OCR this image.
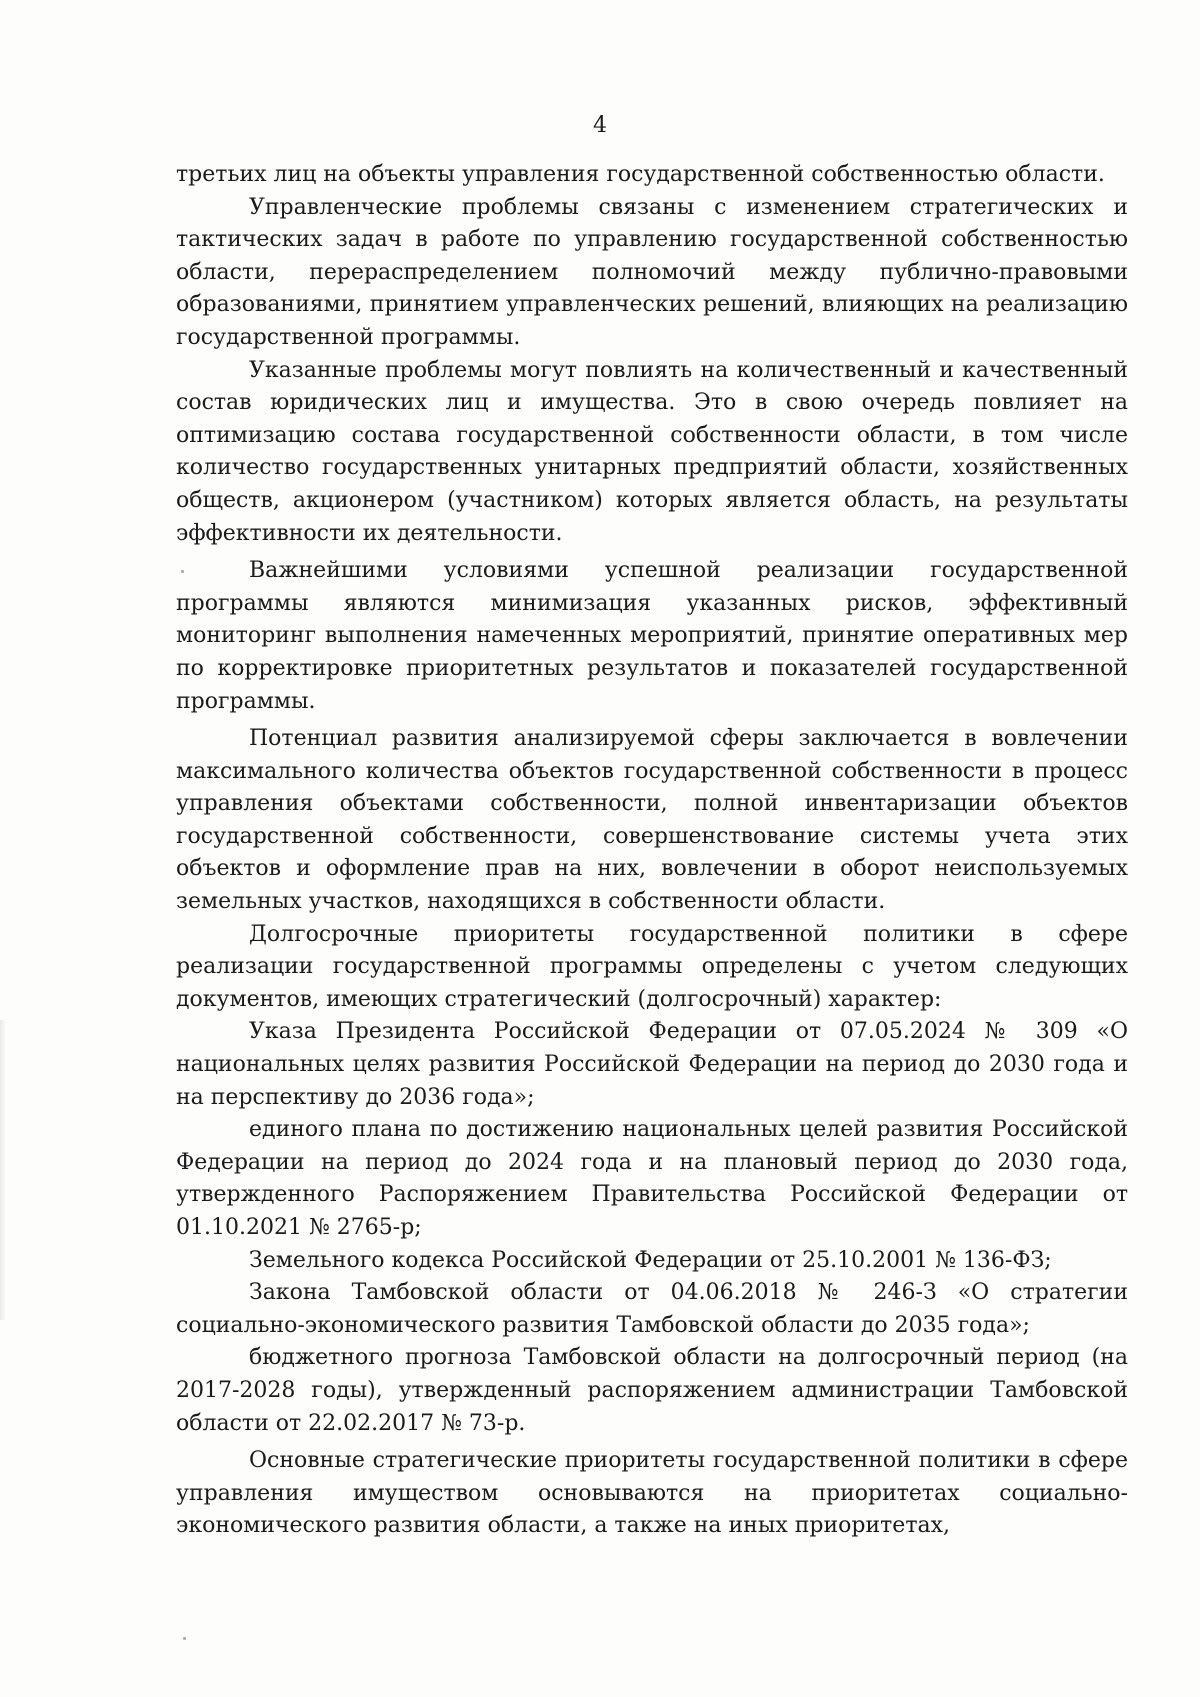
4

третьих лиц на объекты управления государственной собственностью области.

Управленческие проблемы связаны с изменением стратегических и тактических задач в работе по управлению государственной собственностью области, перераспределением полномочий между публично-правовыми образованиями, принятием управленческих решений, влияющих на реализацию государственной программы.

Указанные проблемы могут повлиять на количественный и качественный состав юридических лиц и имущества. Это в свою очередь повлияет на оптимизацию состава государственной собственности области, в том числе количество государственных унитарных предприятий области, хозяйственных обществ, акционером (участником) которых является область, на результаты эффективности их деятельности.

Важнейшими условиями успешной реализации государственной программы являются минимизация указанных рисков, эффективный мониторинг выполнения намеченных мероприятий, принятие оперативных мер по корректировке приоритетных результатов и показателей государственной программы.

Потенциал развития анализируемой сферы заключается в вовлечении максимального количества объектов государственной собственности в процесс управления объектами собственности, полной инвентаризации объектов государственной собственности, совершенствование системы учета этих объектов и оформление прав на них, вовлечении в оборот неиспользуемых земельных участков, находящихся в собственности области.

Долгосрочные приоритеты государственной политики в сфере реализации государственной программы определены с учетом следующих документов, имеющих стратегический (долгосрочный) характер:

Указа Президента Российской Федерации от 07.05.2024 № 309 «О национальных целях развития Российской Федерации на период до 2030 года и на перспективу до 2036 года»;

единого плана по достижению национальных целей развития Российской Федерации на период до 2024 года и на плановый период до 2030 года, утвержденного Распоряжением Правительства Российской Федерации от 01.10.2021 № 2765-р;

Земельного кодекса Российской Федерации от 25.10.2001 № 136-ФЗ;

Закона Тамбовской области от 04.06.2018 № 246-З «О стратегии социально-экономического развития Тамбовской области до 2035 года»;

бюджетного прогноза Тамбовской области на долгосрочный период (на 2017-2028 годы), утвержденный распоряжением администрации Тамбовской области от 22.02.2017 № 73-р.

Основные стратегические приоритеты государственной политики в сфере управления имуществом основываются на приоритетах социально-экономического развития области, а также на иных приоритетах,
